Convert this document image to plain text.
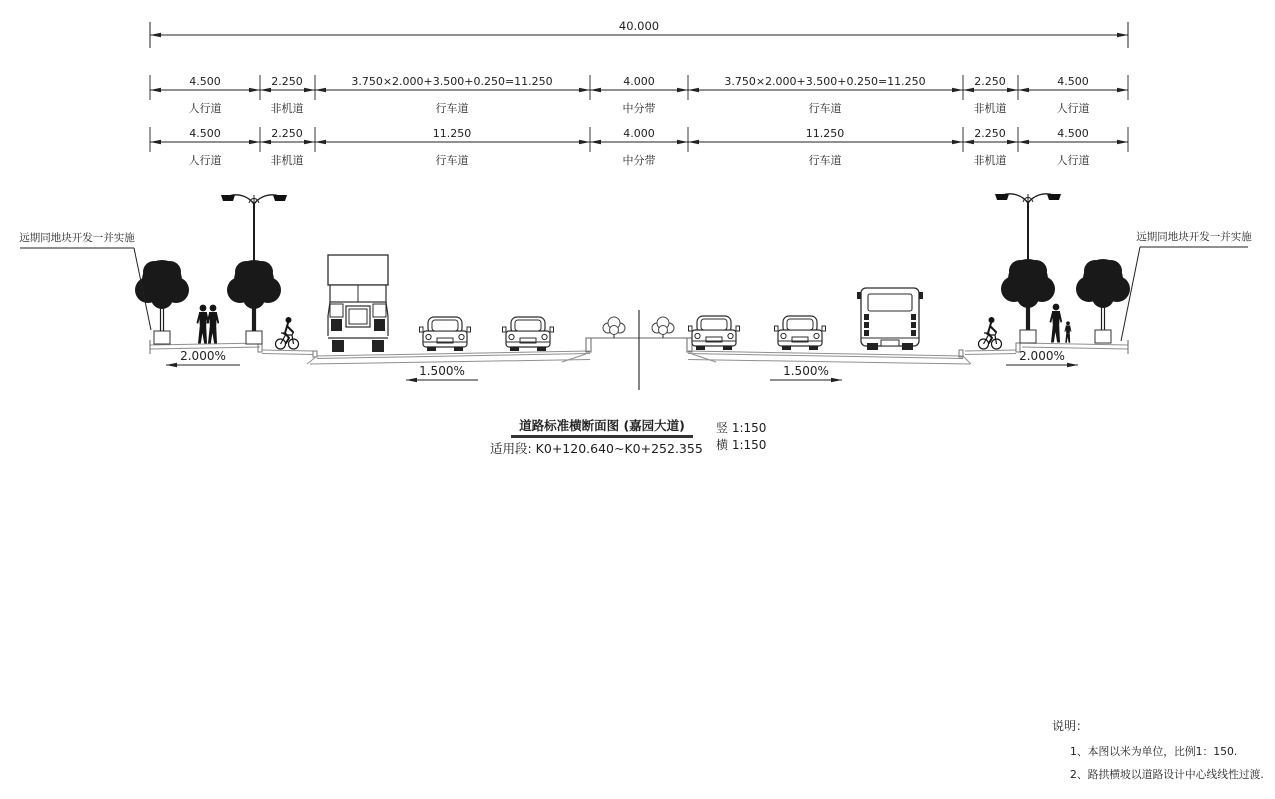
40.000
4.500	2.250	3.750×2.000+3.500+0.250=11.250	4.000	3.750×2.000+3.500+0.250=11.250	2.250	4.500
人行道	非机道	行车道	中分带	行车道	非机道	人行道
4.500	2.250	11.250	4.000	11.250	2.250	4.500
人行道	非机道	行车道	中分带	行车道	非机道	人行道
2.000%
1.500%	1.500%
2.000%
远期同地块开发一并实施	远期同地块开发一并实施
道路标准横断面图 (嘉园大道)
适用段: K0+120.640~K0+252.355
竖 1:150
横 1:150
说明：
1、本图以米为单位，比例1：150.
2、路拱横坡以道路设计中心线线性过渡.
